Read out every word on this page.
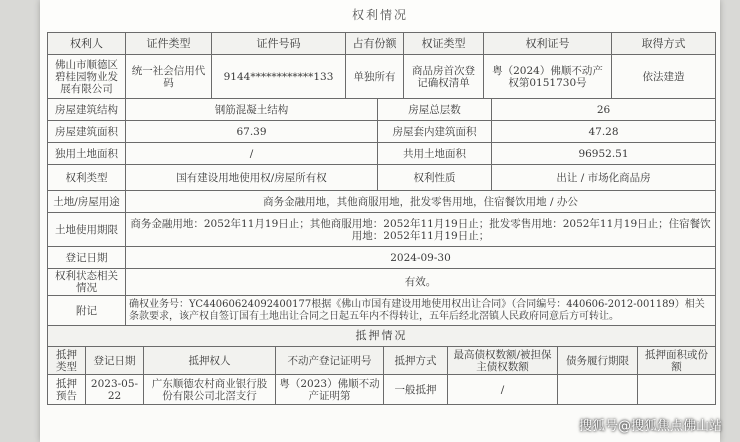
权利情况
权利人	证件类型	证件号码	占有份额	权证类型	权利证号	取得方式
佛山市顺德区碧桂园物业发展有限公司	统一社会信用代码	9144************133	单独所有	商品房首次登记确权清单	粤（2024）佛顺不动产权第0151730号	依法建造
房屋建筑结构	钢筋混凝土结构	房屋总层数	26
房屋建筑面积	67.39	房屋套内建筑面积	47.28
独用土地面积	/	共用土地面积	96952.51
权利类型	国有建设用地使用权/房屋所有权	权利性质	出让 / 市场化商品房
土地/房屋用途	商务金融用地，其他商服用地，批发零售用地，住宿餐饮用地 / 办公		
土地使用期限	商务金融用地：2052年11月19日止；其他商服用地：2052年11月19日止；批发零售用地：2052年11月19日止；住宿餐饮用地：2052年11月19日止；		
登记日期	2024-09-30		
权利状态相关情况	有效。		
附记	确权业务号：YC44060624092400177根据《佛山市国有建设用地使用权出让合同》（合同编号：440606-2012-001189）相关条款要求，该产权自签订国有土地出让合同之日起五年内不得转让，五年后经北滘镇人民政府同意后方可转让。		
抵押情况							
抵押类型	登记日期	抵押权人	不动产登记证明号	抵押方式	最高债权数额/被担保主债权数额	债务履行期限	抵押面积或份额
抵押预告	2023-05-22	广东顺德农村商业银行股份有限公司北滘支行	粤（2023）佛顺不动产证明第	一般抵押	/		
搜狐号@搜狐焦点佛山站
